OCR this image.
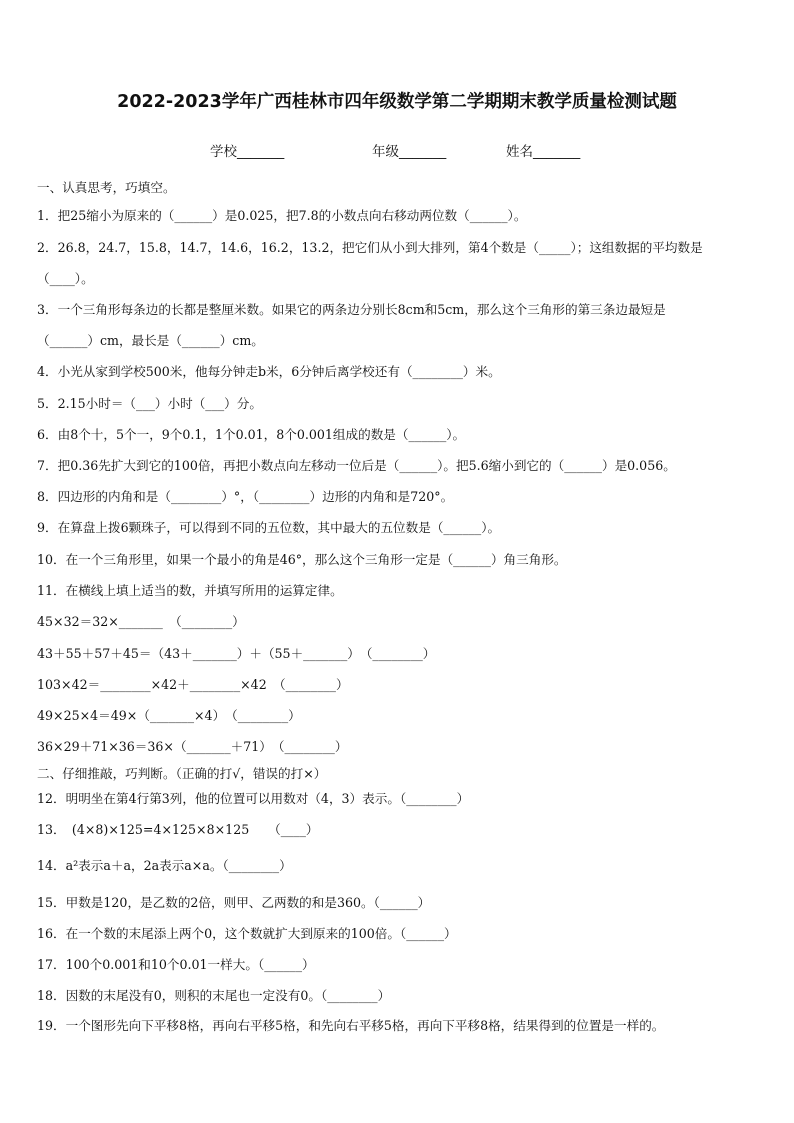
2022-2023学年广西桂林市四年级数学第二学期期末教学质量检测试题
学校_______	年级_______	姓名_______
一、认真思考，巧填空。
1．把25缩小为原来的（______）是0.025，把7.8的小数点向右移动两位数（______）。
2．26.8，24.7，15.8，14.7，14.6，16.2，13.2，把它们从小到大排列，第4个数是（_____）；这组数据的平均数是
（____）。
3．一个三角形每条边的长都是整厘米数。如果它的两条边分别长8cm和5cm，那么这个三角形的第三条边最短是
（______）cm，最长是（______）cm。
4．小光从家到学校500米，他每分钟走b米，6分钟后离学校还有（________）米。
5．2.15小时＝（___）小时（___）分。
6．由8个十，5个一，9个0.1，1个0.01，8个0.001组成的数是（______）。
7．把0.36先扩大到它的100倍，再把小数点向左移动一位后是（______）。把5.6缩小到它的（______）是0.056。
8．四边形的内角和是（________）°，（________）边形的内角和是720°。
9．在算盘上拨6颗珠子，可以得到不同的五位数，其中最大的五位数是（______）。
10．在一个三角形里，如果一个最小的角是46°，那么这个三角形一定是（______）角三角形。
11．在横线上填上适当的数，并填写所用的运算定律。
45×32＝32×_______　（________）
43＋55＋57＋45＝（43＋_______）＋（55＋_______）　（________）
103×42＝________×42＋________×42　（________）
49×25×4＝49×（_______×4）　（________）
36×29＋71×36＝36×（_______＋71）　（________）
二、仔细推敲，巧判断。（正确的打√，错误的打×）
12．明明坐在第4行第3列，他的位置可以用数对（4，3）表示。（________）
13．　(4×8)×125=4×125×8×125　　（____）
14．a²表示a＋a，2a表示a×a。（________）
15．甲数是120，是乙数的2倍，则甲、乙两数的和是360。（______）
16．在一个数的末尾添上两个0，这个数就扩大到原来的100倍。（______）
17．100个0.001和10个0.01一样大。（______）
18．因数的末尾没有0，则积的末尾也一定没有0。（________）
19．一个图形先向下平移8格，再向右平移5格，和先向右平移5格，再向下平移8格，结果得到的位置是一样的。
